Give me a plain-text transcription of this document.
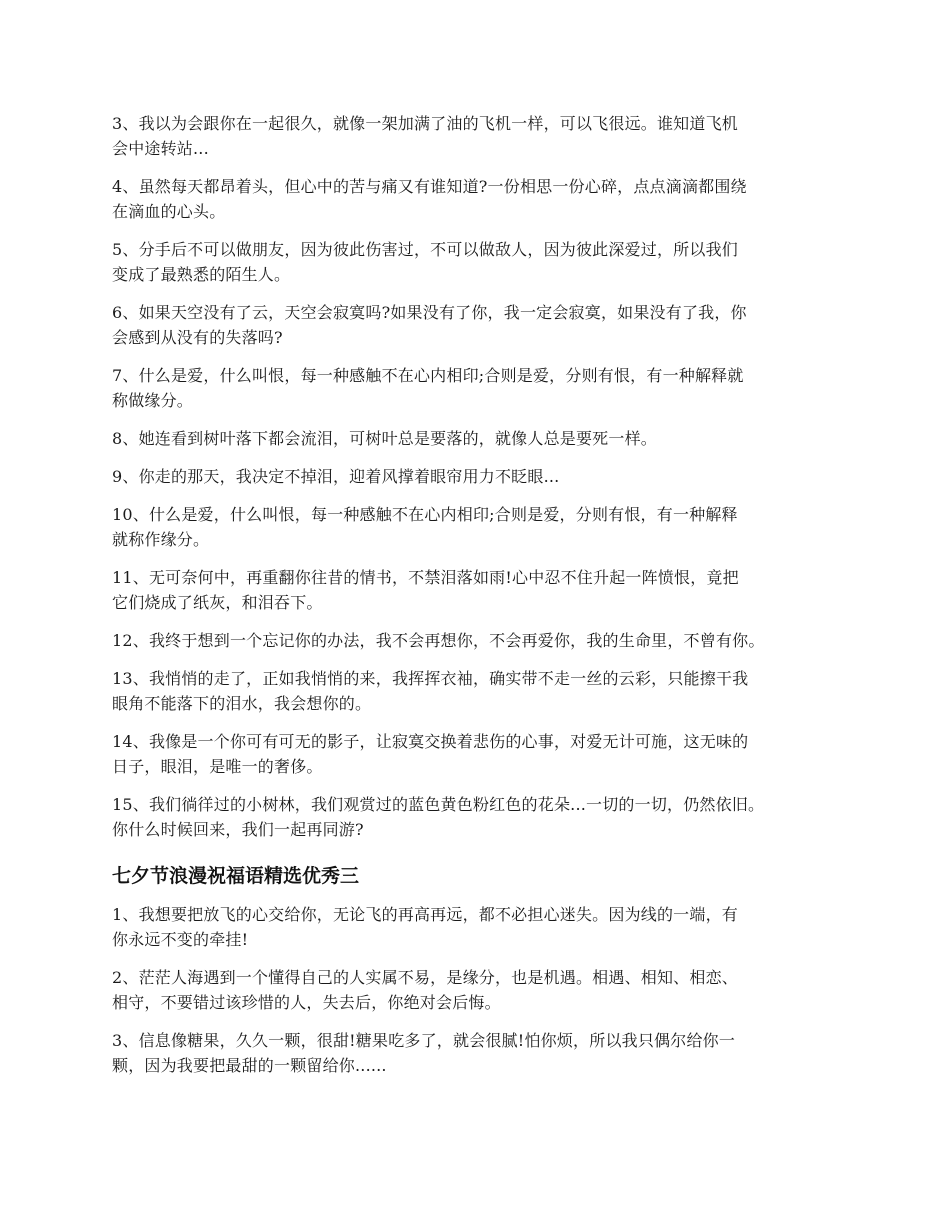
3、我以为会跟你在一起很久，就像一架加满了油的飞机一样，可以飞很远。谁知道飞机
会中途转站...

4、虽然每天都昂着头，但心中的苦与痛又有谁知道?一份相思一份心碎，点点滴滴都围绕
在滴血的心头。

5、分手后不可以做朋友，因为彼此伤害过，不可以做敌人，因为彼此深爱过，所以我们
变成了最熟悉的陌生人。

6、如果天空没有了云，天空会寂寞吗?如果没有了你，我一定会寂寞，如果没有了我，你
会感到从没有的失落吗?

7、什么是爱，什么叫恨，每一种感触不在心内相印;合则是爱，分则有恨，有一种解释就
称做缘分。

8、她连看到树叶落下都会流泪，可树叶总是要落的，就像人总是要死一样。

9、你走的那天，我决定不掉泪，迎着风撑着眼帘用力不眨眼...

10、什么是爱，什么叫恨，每一种感触不在心内相印;合则是爱，分则有恨，有一种解释
就称作缘分。

11、无可奈何中，再重翻你往昔的情书，不禁泪落如雨!心中忍不住升起一阵愤恨，竟把
它们烧成了纸灰，和泪吞下。

12、我终于想到一个忘记你的办法，我不会再想你，不会再爱你，我的生命里，不曾有你。

13、我悄悄的走了，正如我悄悄的来，我挥挥衣袖，确实带不走一丝的云彩，只能擦干我
眼角不能落下的泪水，我会想你的。

14、我像是一个你可有可无的影子，让寂寞交换着悲伤的心事，对爱无计可施，这无味的
日子，眼泪，是唯一的奢侈。

15、我们徜徉过的小树林，我们观赏过的蓝色黄色粉红色的花朵...一切的一切，仍然依旧。
你什么时候回来，我们一起再同游?

七夕节浪漫祝福语精选优秀三

1、我想要把放飞的心交给你，无论飞的再高再远，都不必担心迷失。因为线的一端，有
你永远不变的牵挂!

2、茫茫人海遇到一个懂得自己的人实属不易，是缘分，也是机遇。相遇、相知、相恋、
相守，不要错过该珍惜的人，失去后，你绝对会后悔。

3、信息像糖果，久久一颗，很甜!糖果吃多了，就会很腻!怕你烦，所以我只偶尔给你一
颗，因为我要把最甜的一颗留给你......
